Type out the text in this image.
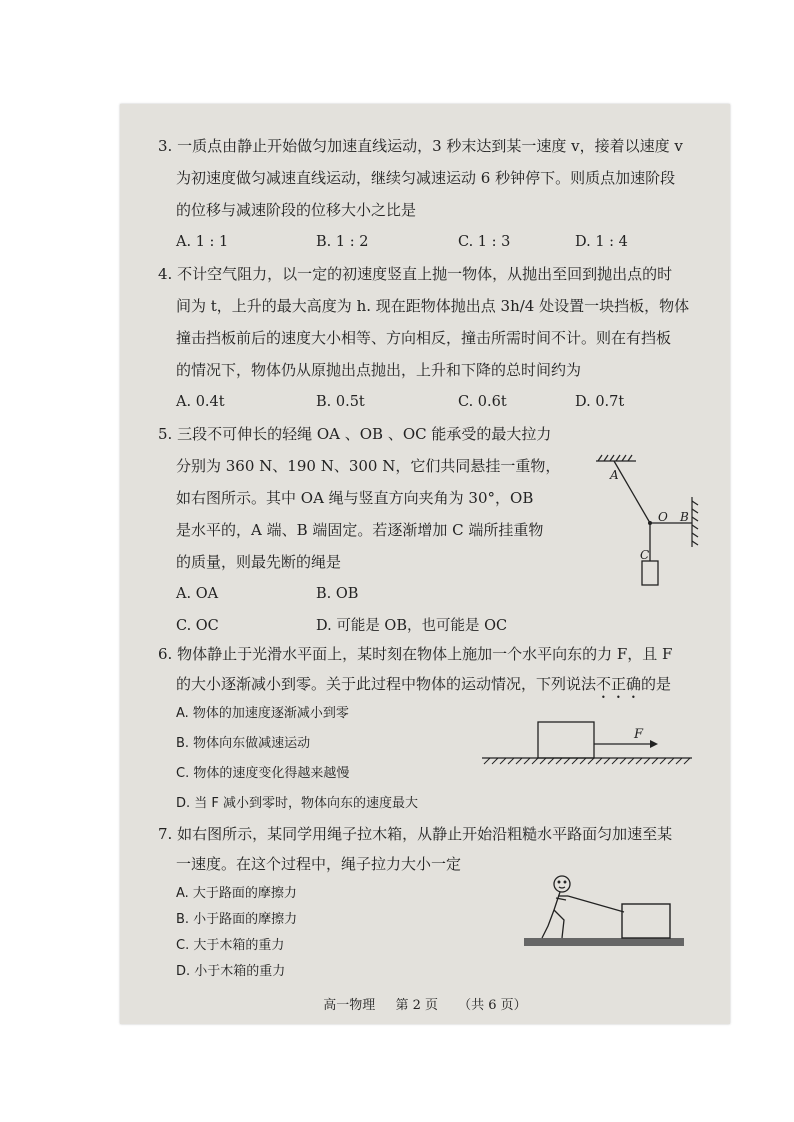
3. 一质点由静止开始做匀加速直线运动，3 秒末达到某一速度 v，接着以速度 v
为初速度做匀减速直线运动，继续匀减速运动 6 秒钟停下。则质点加速阶段
的位移与减速阶段的位移大小之比是
A. 1 : 1	B. 1 : 2	C. 1 : 3	D. 1 : 4
4. 不计空气阻力，以一定的初速度竖直上抛一物体，从抛出至回到抛出点的时
间为 t，上升的最大高度为 h. 现在距物体抛出点 3h/4 处设置一块挡板，物体
撞击挡板前后的速度大小相等、方向相反，撞击所需时间不计。则在有挡板
的情况下，物体仍从原抛出点抛出，上升和下降的总时间约为
A. 0.4t	B. 0.5t	C. 0.6t	D. 0.7t
5. 三段不可伸长的轻绳 OA 、OB 、OC 能承受的最大拉力
分别为 360 N、190 N、300 N，它们共同悬挂一重物，
如右图所示。其中 OA 绳与竖直方向夹角为 30°，OB
是水平的，A 端、B 端固定。若逐渐增加 C 端所挂重物
的质量，则最先断的绳是
A. OA	B. OB
C. OC	D. 可能是 OB，也可能是 OC
A
O B
C
6. 物体静止于光滑水平面上，某时刻在物体上施加一个水平向东的力 F，且 F
的大小逐渐减小到零。关于此过程中物体的运动情况，下列说法不正确的是
A. 物体的加速度逐渐减小到零
B. 物体向东做减速运动
C. 物体的速度变化得越来越慢
D. 当 F 减小到零时，物体向东的速度最大
F
7. 如右图所示，某同学用绳子拉木箱，从静止开始沿粗糙水平路面匀加速至某
一速度。在这个过程中，绳子拉力大小一定
A. 大于路面的摩擦力
B. 小于路面的摩擦力
C. 大于木箱的重力
D. 小于木箱的重力
高一物理 第 2 页 （共 6 页）
